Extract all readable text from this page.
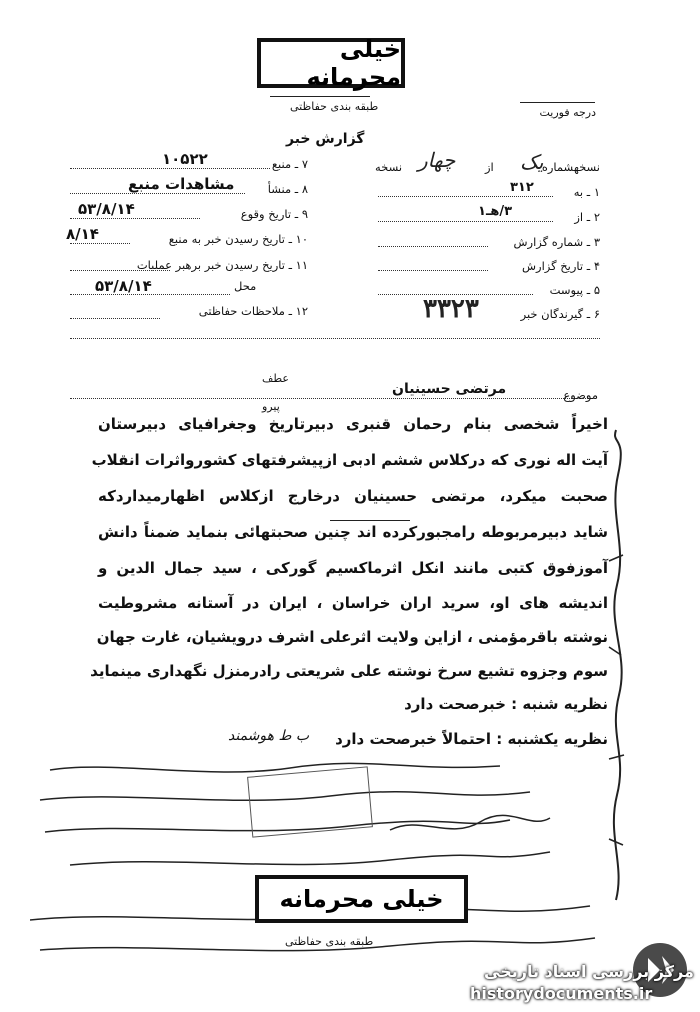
خیلی محرمانه
طبقه بندی حفاظتی	درجه فوریت
گزارش خبر
نسخهشماره
یک
از
چهار
نسخه
۱ ـ به
۳۱۲
۲ ـ از
۳/هـ۱
۳ ـ شماره گزارش
۴ ـ تاریخ گزارش
۵ ـ پیوست
۶ ـ گیرندگان خبر
۳۳۲۳
۷ ـ منبع
۱۰۵۲۲
۸ ـ منشأ
مشاهدات منبع
۹ ـ تاریخ وقوع
۵۳/۸/۱۴
۱۰ ـ تاریخ رسیدن خبر به منبع
۸/۱۴
۱۱ ـ تاریخ رسیدن خبر برهبر عملیات
محل
۵۳/۸/۱۴
۱۲ ـ ملاحظات حفاظتی
موضوع
مرتضی حسینیان
عطف
پیرو
اخیراً شخصی بنام رحمان قنبری دبیرتاریخ وجغرافیای دبیرستان
آیت اله نوری که درکلاس ششم ادبی ازپیشرفتهای کشورواثرات انقلاب
صحبت میکرد، مرتضی حسینیان درخارج ازکلاس اظهارمیداردکه
شاید دبیرمربوطه رامجبورکرده اند چنین صحبتهائی بنماید ضمناً دانش
آموزفوق کتبی مانند انکل اثرماکسیم گورکی ، سید جمال الدین و
اندیشه های او، سرید اران خراسان ، ایران در آستانه مشروطیت
نوشته باقرمؤمنی ، ازاین ولایت اثرعلی اشرف درویشیان، غارت جهان
سوم وجزوه تشیع سرخ نوشته علی شریعتی رادرمنزل نگهداری مینماید
نظریه شنبه : خبرصحت دارد
نظریه یکشنبه : احتمالاً خبرصحت دارد
ب ط هوشمند
خیلی محرمانه
طبقه بندی حفاظتی
مرکز بررسی اسناد تاریخی
historydocuments.ir
